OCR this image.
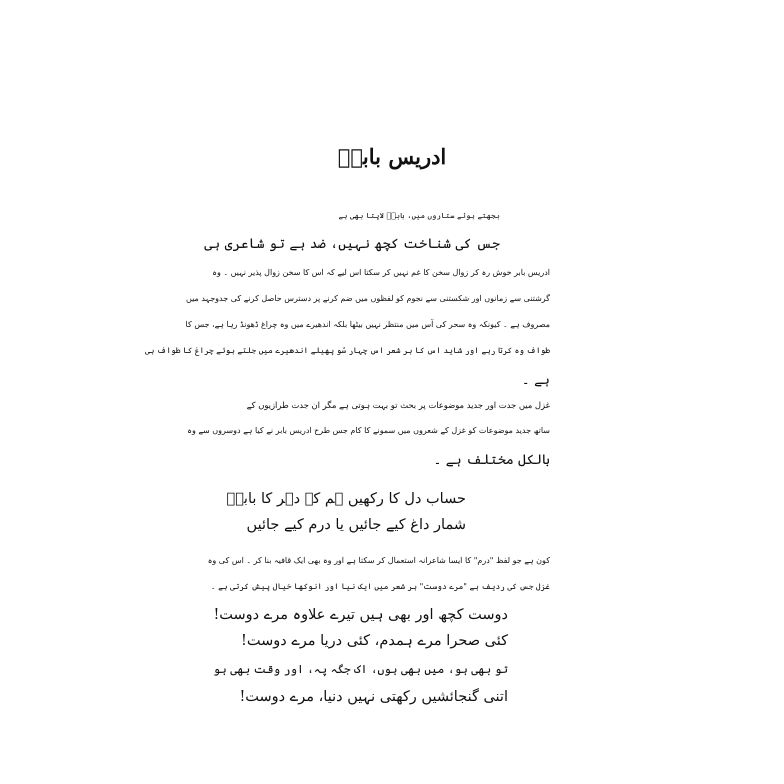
ادریس بابرؔ
بجھتے ہوئے ستاروں میں، بابرؔ لاپتا بھی ہے
جس کی شناخت کچھ نہیں، ضد ہے تو شاعری ہی
ادریس بابر خوش رہ کر زوال سخن کا غم نہیں کر سکتا اس لیے کہ اس کا سخن زوال پذیر نہیں ۔ وہ
گرشتنی سے زمانوں اور شکستنی سے نجوم کو لفظوں میں ضم کرنے پر دسترس حاصل کرنے کی جدوجہد میں
مصروف ہے ۔ کیونکہ وہ سحر کی آس میں منتظر نہیں بیٹھا بلکہ اندھیرے میں وہ چراغ ڈھونڈ رہا ہے، جس کا
طواف وہ کرتا رہے اور شاید اس کا ہر شعر اس چہار سُو پھیلے اندھیرے میں جلتے ہوئے چراغ کا طواف ہی
ہے ۔
غزل میں جدت اور جدید موضوعات پر بحث تو بہت ہوتی ہے مگر ان جدت طرازیوں کے
ساتھ جدید موضوعات کو غزل کے شعروں میں سمونے کا کام جس طرح ادریس بابر نے کیا ہے دوسروں سے وہ
بالکل مختلف ہے ۔
حساب دل کا رکھیں ہم کہ دہر کا بابرؔ
شمار داغ کیے جائیں یا درم کیے جائیں
کون ہے جو لفظ "درم" کا ایسا شاعرانہ استعمال کر سکتا ہے اور وہ بھی ایک قافیہ بنا کر ۔ اس کی وہ
غزل جس کی ردیف ہے "مرے دوست" ہر شعر میں ایک نیا اور انوکھا خیال پیش کرتی ہے ۔
دوست کچھ اور بھی ہیں تیرے علاوہ مرے دوست!
کئی صحرا مرے ہمدم، کئی دریا مرے دوست!
تو بھی ہو، میں بھی ہوں، اک جگہ پہ، اور وقت بھی ہو
اتنی گنجائشیں رکھتی نہیں دنیا، مرے دوست!
